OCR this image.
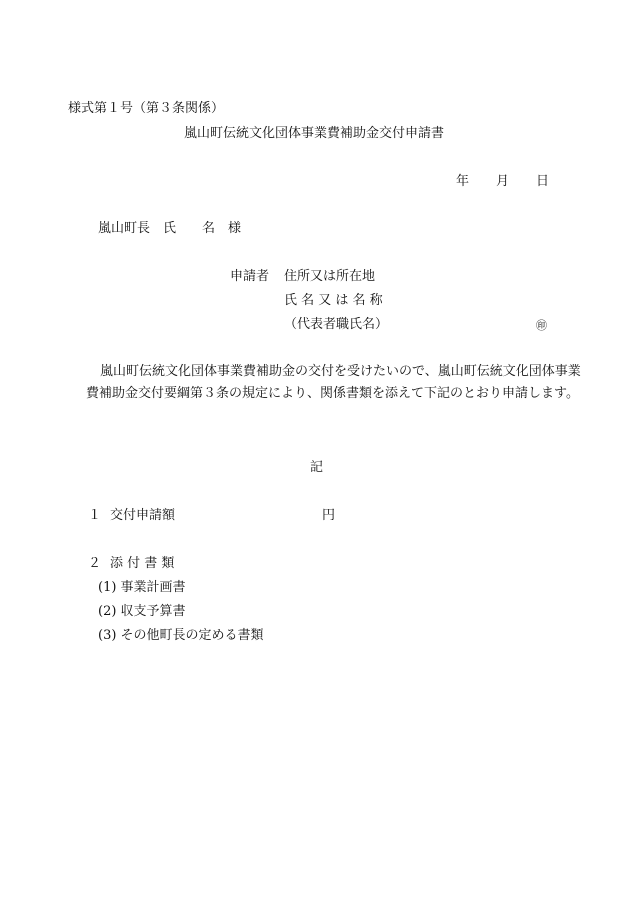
様式第１号（第３条関係）
嵐山町伝統文化団体事業費補助金交付申請書
年 月 日
嵐山町長　氏　　名　様
申請者 住所又は所在地
氏 名 又 は 名 称
（代表者職氏名）	㊞
嵐山町伝統文化団体事業費補助金の交付を受けたいので、嵐山町伝統文化団体事業費補助金交付要綱第３条の規定により、関係書類を添えて下記のとおり申請します。
記
１ 交付申請額	円
２ 添 付 書 類
(1) 事業計画書
(2) 収支予算書
(3) その他町長の定める書類
